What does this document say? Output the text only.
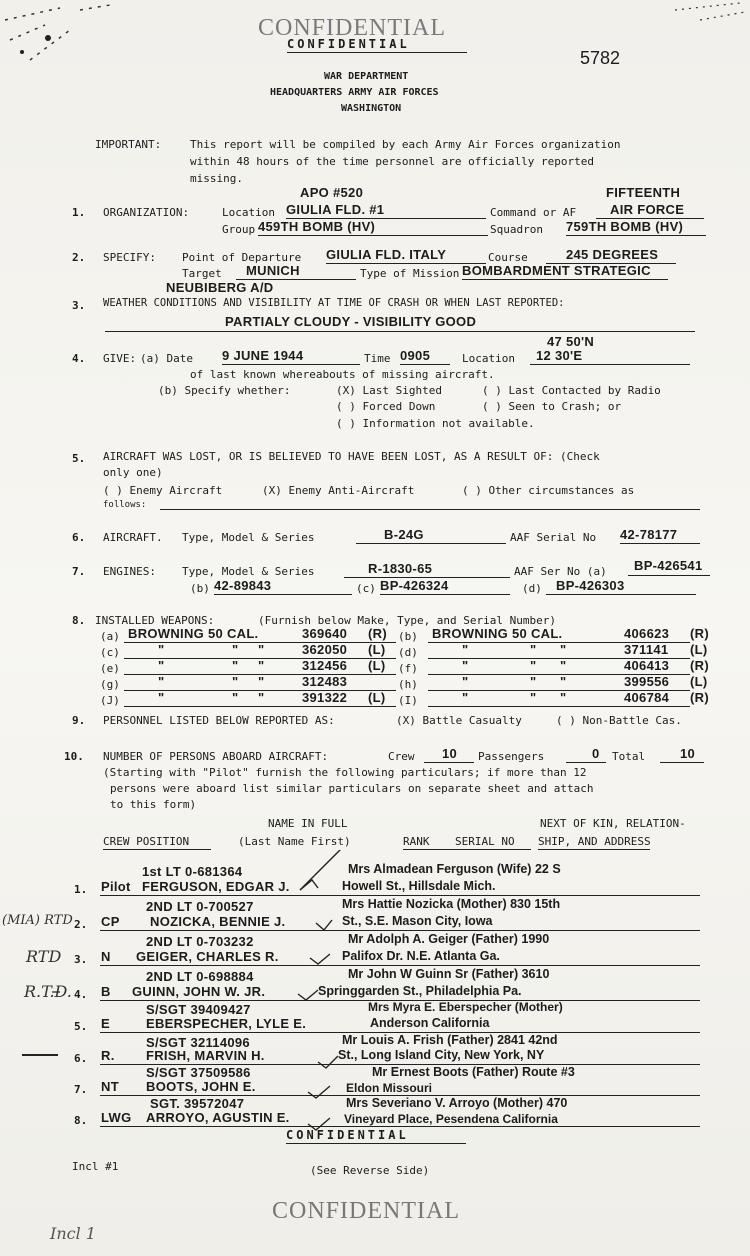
CONFIDENTIAL
CONFIDENTIAL
5782
WAR DEPARTMENT
HEADQUARTERS ARMY AIR FORCES
WASHINGTON
IMPORTANT:	This report will be compiled by each Army Air Forces organization
within 48 hours of the time personnel are officially reported
missing.
APO #520	FIFTEENTH
1. ORGANIZATION:	Location GIULIA FLD. #1	Command or AF	AIR FORCE
Group 459TH BOMB (HV)	Squadron 759TH BOMB (HV)
2. SPECIFY: Point of Departure GIULIA FLD. ITALY	Course	245 DEGREES
Target MUNICH	Type of Mission BOMBARDMENT STRATEGIC
NEUBIBERG A/D
3. WEATHER CONDITIONS AND VISIBILITY AT TIME OF CRASH OR WHEN LAST REPORTED:
PARTIALY CLOUDY - VISIBILITY GOOD
47 50'N
4. GIVE: (a) Date 9 JUNE 1944	Time 0905	Location 12 30'E
of last known whereabouts of missing aircraft.
(b) Specify whether:	(X) Last Sighted	( ) Last Contacted by Radio
( ) Forced Down	( ) Seen to Crash; or
( ) Information not available.
5. AIRCRAFT WAS LOST, OR IS BELIEVED TO HAVE BEEN LOST, AS A RESULT OF: (Check
only one)
( ) Enemy Aircraft	(X) Enemy Anti-Aircraft	( ) Other circumstances as
follows:
6. AIRCRAFT. Type, Model & Series	B-24G	AAF Serial No 42-78177
7. ENGINES: Type, Model & Series	R-1830-65	AAF Ser No (a) BP-426541
(b) 42-89843	(c) BP-426324	(d) BP-426303
8. INSTALLED WEAPONS:	(Furnish below Make, Type, and Serial Number)
(a) BROWNING 50 CAL.	369640 (R)
(c)	"	" "	362050 (L)
(e)	"	" "	312456 (L)
(g)	"	" "	312483
(J)	"	" "	391322 (L)
(b) BROWNING 50 CAL.	406623 (R)
(d)	"	" "	371141 (L)
(f)	"	" "	406413 (R)
(h)	"	" "	399556 (L)
(I)	"	" "	406784 (R)
9. PERSONNEL LISTED BELOW REPORTED AS:	(X) Battle Casualty	( ) Non-Battle Cas.
10. NUMBER OF PERSONS ABOARD AIRCRAFT:	Crew 10 Passengers	0 Total	10
(Starting with "Pilot" furnish the following particulars; if more than 12
persons were aboard list similar particulars on separate sheet and attach
to this form)
NAME IN FULL
(Last Name First)
NEXT OF KIN, RELATION-
CREW POSITION	RANK SERIAL NO SHIP, AND ADDRESS
1st LT 0-681364	Mrs Almadean Ferguson (Wife) 22 S
1. Pilot FERGUSON, EDGAR J.	Howell St., Hillsdale Mich.
2ND LT 0-700527	Mrs Hattie Nozicka (Mother) 830 15th
(MIA) RTD 2. CP NOZICKA, BENNIE J.	St., S.E. Mason City, Iowa
2ND LT 0-703232	Mr Adolph A. Geiger (Father) 1990
RTD 3. N GEIGER, CHARLES R.	Palifox Dr. N.E. Atlanta Ga.
2ND LT 0-698884	Mr John W Guinn Sr (Father) 3610
R.T.D. 4. B GUINN, JOHN W. JR.	Springgarden St., Philadelphia Pa.
S/SGT 39409427	Mrs Myra E. Eberspecher (Mother)
5. E	EBERSPECHER, LYLE E.	Anderson California
S/SGT 32114096	Mr Louis A. Frish (Father) 2841 42nd
6. R. FRISH, MARVIN H.	St., Long Island City, New York, NY
S/SGT 37509586	Mr Ernest Boots (Father) Route #3
7. NT BOOTS, JOHN E.	Eldon Missouri
SGT. 39572047	Mrs Severiano V. Arroyo (Mother) 470
8. LWG ARROYO, AGUSTIN E.	Vineyard Place, Pesendena California
CONFIDENTIAL
Incl #1	(See Reverse Side)
CONFIDENTIAL
Incl 1
